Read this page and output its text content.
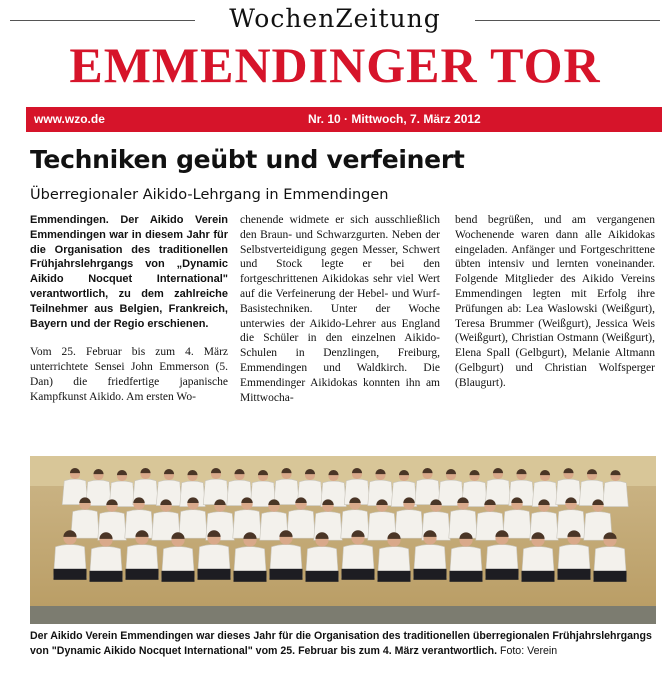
WochenZeitung
EMMENDINGER TOR
www.wzo.de	Nr. 10 · Mittwoch, 7. März 2012
Techniken geübt und verfeinert
Überregionaler Aikido-Lehrgang in Emmendingen

Emmendingen. Der Aikido Verein Emmendingen war in diesem Jahr für die Organisation des traditionellen Frühjahrslehrgangs von „Dynamic Aikido Nocquet International" verantwortlich, zu dem zahlreiche Teilnehmer aus Belgien, Frankreich, Bayern und der Regio erschienen.

Vom 25. Februar bis zum 4. März unterrichtete Sensei John Emmerson (5. Dan) die friedfertige japanische Kampfkunst Aikido. Am ersten Wo-

chenende widmete er sich ausschließlich den Braun- und Schwarzgurten. Neben der Selbstverteidigung gegen Messer, Schwert und Stock legte er bei den fortgeschrittenen Aikidokas sehr viel Wert auf die Verfeinerung der Hebel- und Wurf-Basistechniken. Unter der Woche unterwies der Aikido-Lehrer aus England die Schüler in den einzelnen Aikido-Schulen in Denzlingen, Freiburg, Emmendingen und Waldkirch. Die Emmendinger Aikidokas konnten ihn am Mittwocha-

bend begrüßen, und am vergangenen Wochenende waren dann alle Aikidokas eingeladen. Anfänger und Fortgeschrittene übten intensiv und lernten voneinander. Folgende Mitglieder des Aikido Vereins Emmendingen legten mit Erfolg ihre Prüfungen ab: Lea Waslowski (Weißgurt), Teresa Brummer (Weißgurt), Jessica Weis (Weißgurt), Christian Ostmann (Weißgurt), Elena Spall (Gelbgurt), Melanie Altmann (Gelbgurt) und Christian Wolfsperger (Blaugurt).

Der Aikido Verein Emmendingen war dieses Jahr für die Organisation des traditionellen überregionalen Frühjahrslehrgangs von "Dynamic Aikido Nocquet International" vom 25. Februar bis zum 4. März verantwortlich. Foto: Verein
